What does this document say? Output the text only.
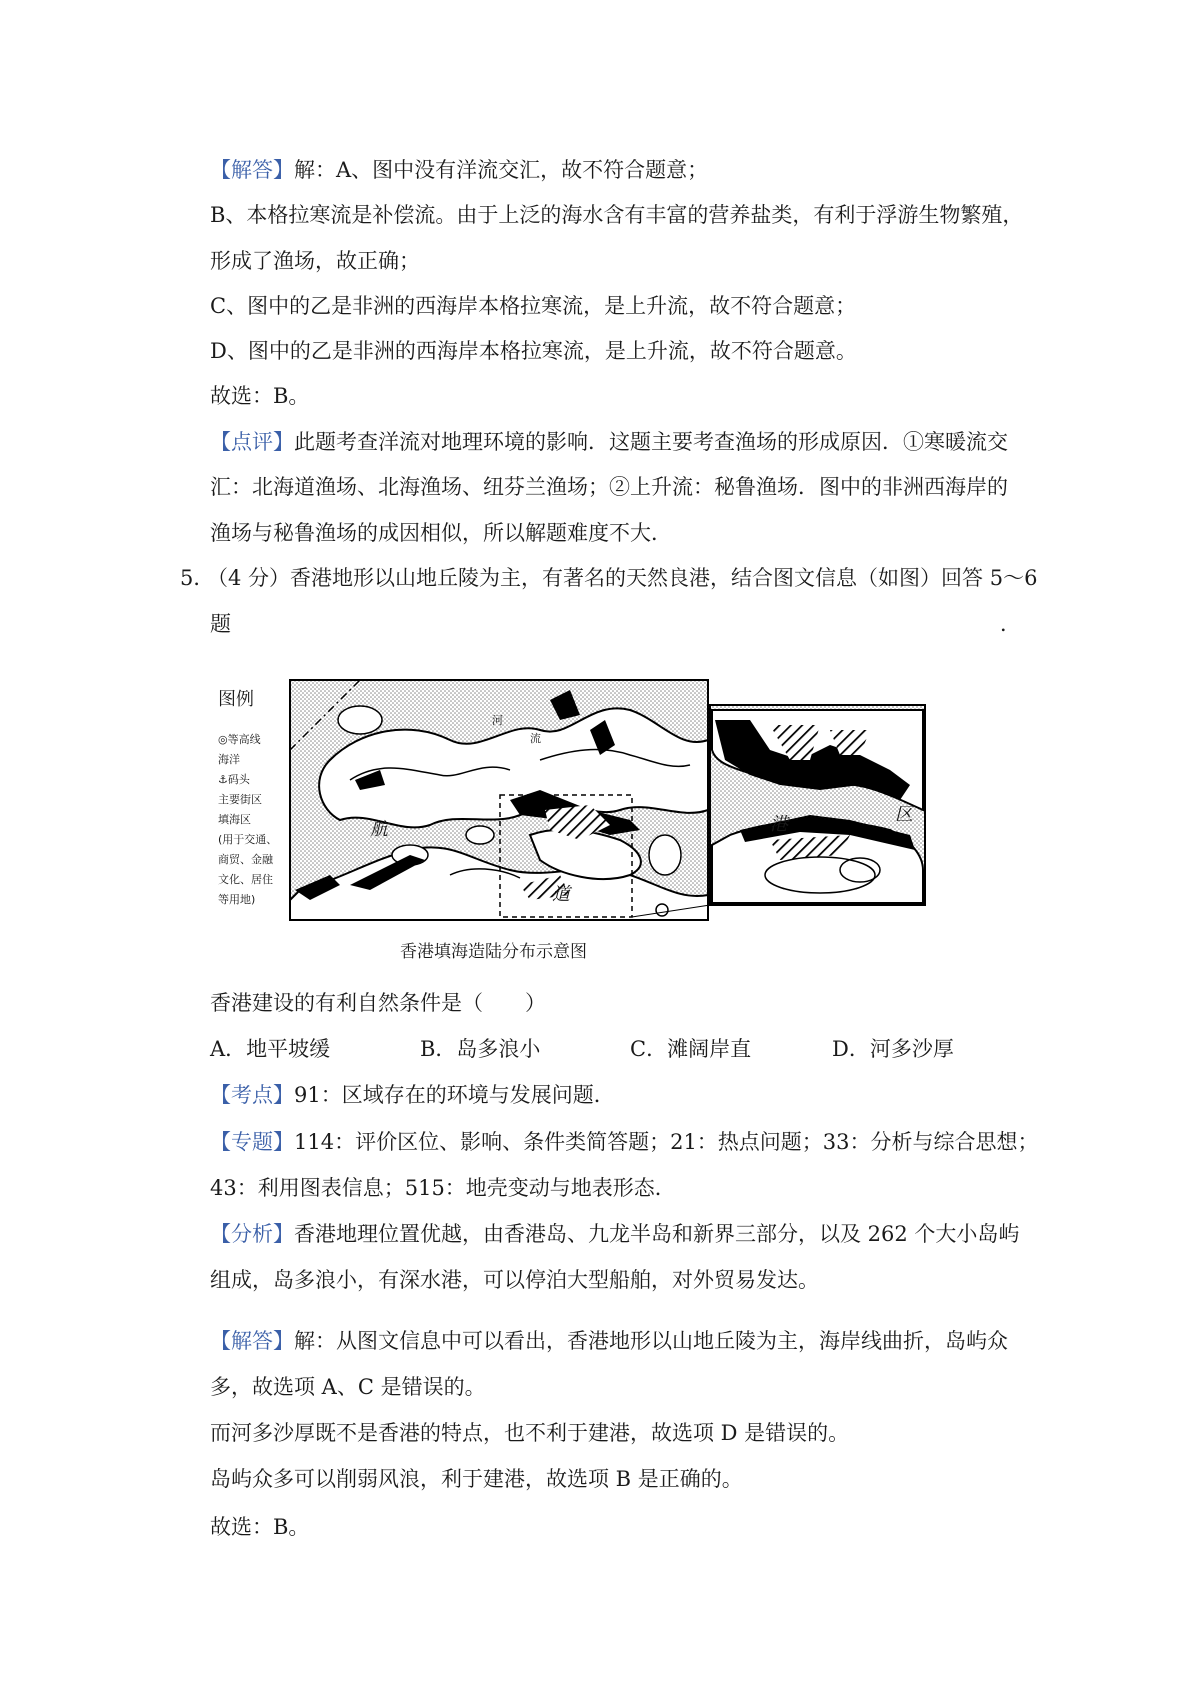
【解答】解：A、图中没有洋流交汇，故不符合题意；
B、本格拉寒流是补偿流。由于上泛的海水含有丰富的营养盐类，有利于浮游生物繁殖，
形成了渔场，故正确；
C、图中的乙是非洲的西海岸本格拉寒流，是上升流，故不符合题意；
D、图中的乙是非洲的西海岸本格拉寒流，是上升流，故不符合题意。
故选：B。
【点评】此题考查洋流对地理环境的影响．这题主要考查渔场的形成原因．①寒暖流交
汇：北海道渔场、北海渔场、纽芬兰渔场；②上升流：秘鲁渔场．图中的非洲西海岸的
渔场与秘鲁渔场的成因相似，所以解题难度不大．
5．
（4 分）香港地形以山地丘陵为主，有著名的天然良港，结合图文信息（如图）回答 5～6
题	．
图例
◎等高线
海洋
⚓码头
主要街区
填海区
(用于交通、
商贸、金融
文化、居住
等用地)
航
道
港	区
河
流
香港填海造陆分布示意图
香港建设的有利自然条件是（　　）
A．地平坡缓	B．岛多浪小	C．滩阔岸直	D．河多沙厚
【考点】91：区域存在的环境与发展问题．
【专题】114：评价区位、影响、条件类简答题；21：热点问题；33：分析与综合思想；
43：利用图表信息；515：地壳变动与地表形态．
【分析】香港地理位置优越，由香港岛、九龙半岛和新界三部分，以及 262 个大小岛屿
组成，岛多浪小，有深水港，可以停泊大型船舶，对外贸易发达。
【解答】解：从图文信息中可以看出，香港地形以山地丘陵为主，海岸线曲折，岛屿众
多，故选项 A、C 是错误的。
而河多沙厚既不是香港的特点，也不利于建港，故选项 D 是错误的。
岛屿众多可以削弱风浪，利于建港，故选项 B 是正确的。
故选：B。
